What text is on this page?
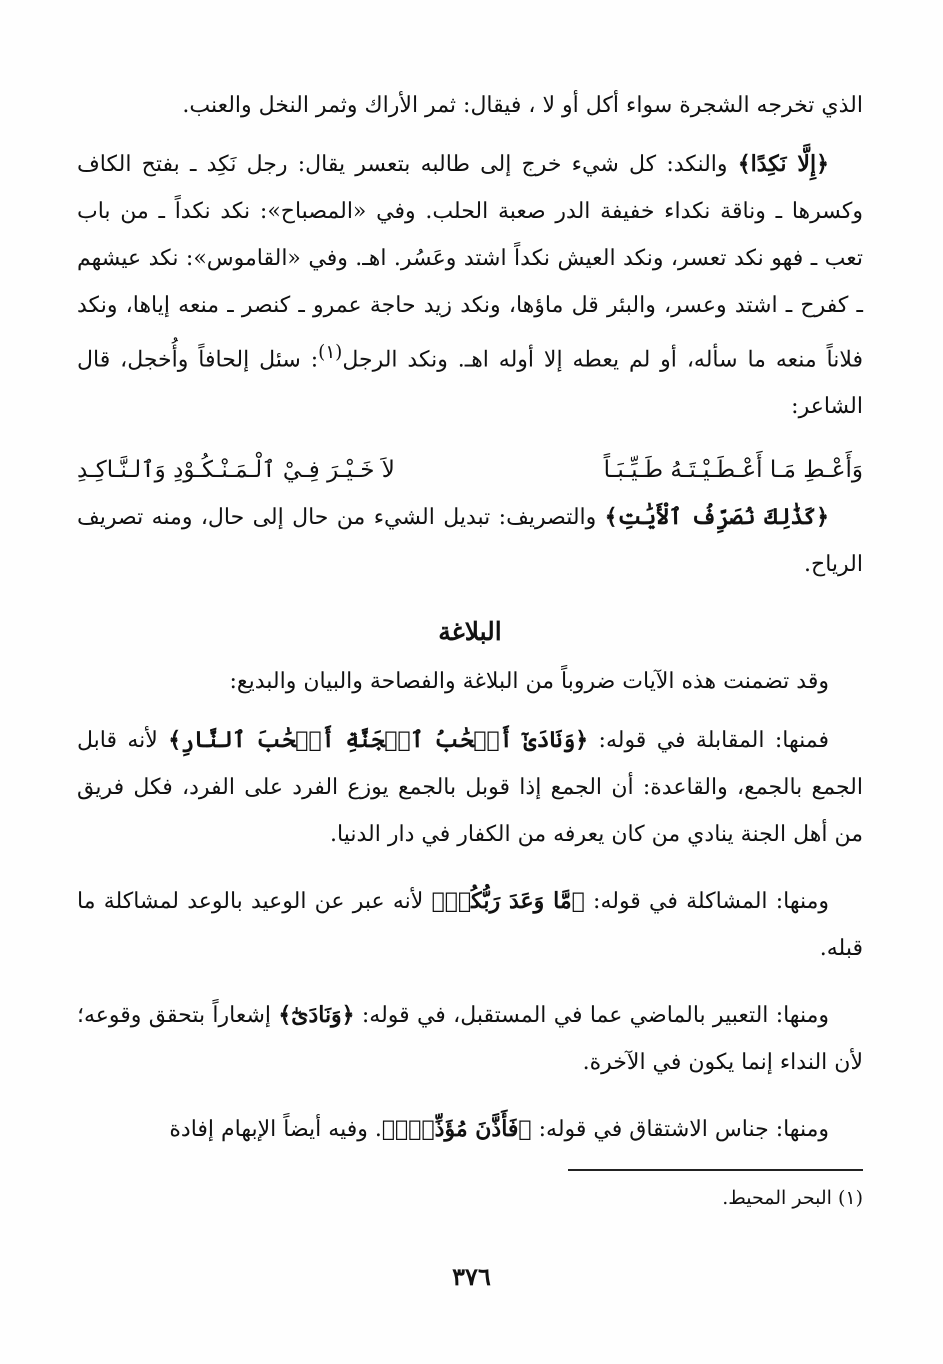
الذي تخرجه الشجرة سواء أكل أو لا ، فيقال: ثمر الأراك وثمر النخل والعنب.

﴿إِلَّا نَكِدًا﴾ والنكد: كل شيء خرج إلى طالبه بتعسر يقال: رجل نَكِد ـ بفتح الكاف وكسرها ـ وناقة نكداء خفيفة الدر صعبة الحلب. وفي «المصباح»: نكد نكداً ـ من باب تعب ـ فهو نكد تعسر، ونكد العيش نكداً اشتد وعَسُر. اهـ. وفي «القاموس»: نكد عيشهم ـ كفرح ـ اشتد وعسر، والبئر قل ماؤها، ونكد زيد حاجة عمرو ـ كنصر ـ منعه إياها، ونكد فلاناً منعه ما سأله، أو لم يعطه إلا أوله اهـ. ونكد الرجل$^{(١)}$: سئل إلحافاً وأُخجل، قال الشاعر:

وَأَعْـطِ مَـا أَعْـطَـيْـتَـهُ طَـيِّـبَـاً
لاَ خَـيْـرَ فِـيْ ٱلْـمَـنْـكُـوْدِ وَٱلـنَّـاكِـدِ

﴿كَذَٰلِكَ نُصَرِّفُ ٱلْأَيَٰتِ﴾ والتصريف: تبديل الشيء من حال إلى حال، ومنه تصريف الرياح.

البلاغة

وقد تضمنت هذه الآيات ضروباً من البلاغة والفصاحة والبيان والبديع:

فمنها: المقابلة في قوله: ﴿وَنَادَىٰٓ أَصۡحَٰبُ ٱلۡجَنَّةِ أَصۡحَٰبَ ٱلنَّارِ﴾ لأنه قابل الجمع بالجمع، والقاعدة: أن الجمع إذا قوبل بالجمع يوزع الفرد على الفرد، فكل فريق من أهل الجنة ينادي من كان يعرفه من الكفار في دار الدنيا.

ومنها: المشاكلة في قوله: ﴿مَّا وَعَدَ رَبُّكُمۡ﴾ لأنه عبر عن الوعيد بالوعد لمشاكلة ما قبله.

ومنها: التعبير بالماضي عما في المستقبل، في قوله: ﴿وَنَادَىٰٓ﴾ إشعاراً بتحقق وقوعه؛ لأن النداء إنما يكون في الآخرة.

ومنها: جناس الاشتقاق في قوله: ﴿فَأَذَّنَ مُؤَذِّنٌۢ﴾. وفيه أيضاً الإبهام إفادة

(١) البحر المحيط.
٣٧٦
